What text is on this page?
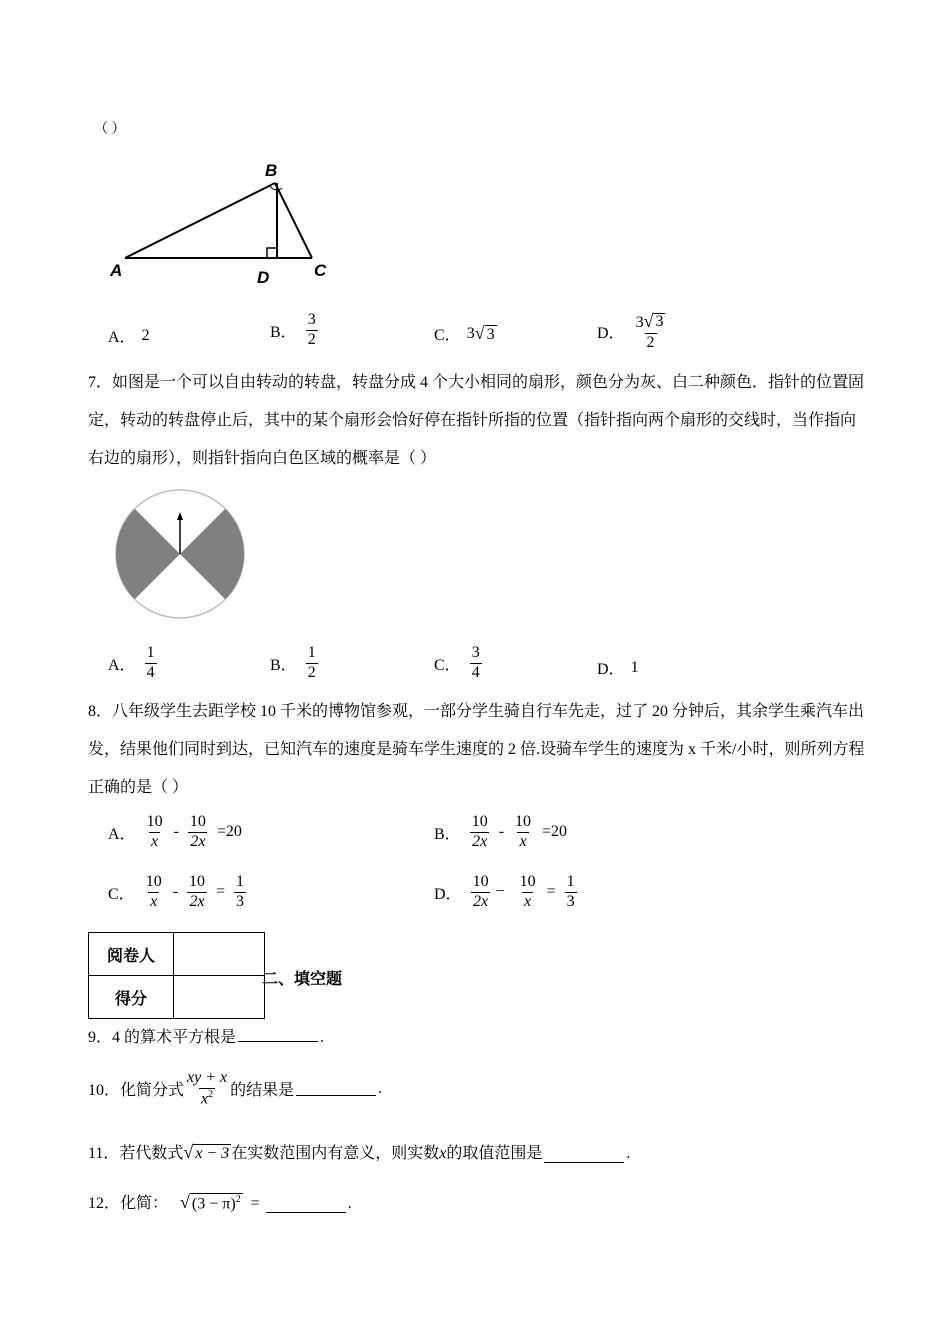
（ ）
A
B
D	C
A． 2	B． $\frac{3}{2}$	C． 3 √ 3	D． $\frac{3 √ 3}{2}$
7．如图是一个可以自由转动的转盘，转盘分成 4 个大小相同的扇形，颜色分为灰、白二种颜色．指针的位置固定，转动的转盘停止后，其中的某个扇形会恰好停在指针所指的位置（指针指向两个扇形的交线时，当作指向右边的扇形），则指针指向白色区域的概率是（ ）
A． $\frac{1}{4}$	B． $\frac{1}{2}$	C． $\frac{3}{4}$	D． 1
8．八年级学生去距学校 10 千米的博物馆参观，一部分学生骑自行车先走，过了 20 分钟后，其余学生乘汽车出发，结果他们同时到达，已知汽车的速度是骑车学生速度的 2 倍.设骑车学生的速度为 x 千米/小时，则所列方程正确的是（ ）
A． $\frac{10}{x} - \frac{10}{2x} =20$	B． $\frac{10}{2x} - \frac{10}{x} =20$
C． $\frac{10}{x} - \frac{10}{2x} = \frac{1}{3}$	D． $\frac{10}{2x} - \frac{10}{x} = \frac{1}{3}$
阅卷人	
得分	
二、填空题
9．4 的算术平方根是	.
10．化简分式 $\frac{xy + x}{x^2}$ 的结果是	.
11．若代数式 √ x − 3 在实数范围内有意义，则实数 x 的取值范围是	.
12．化简： √ $(3 - \pi)^2$ =	.
